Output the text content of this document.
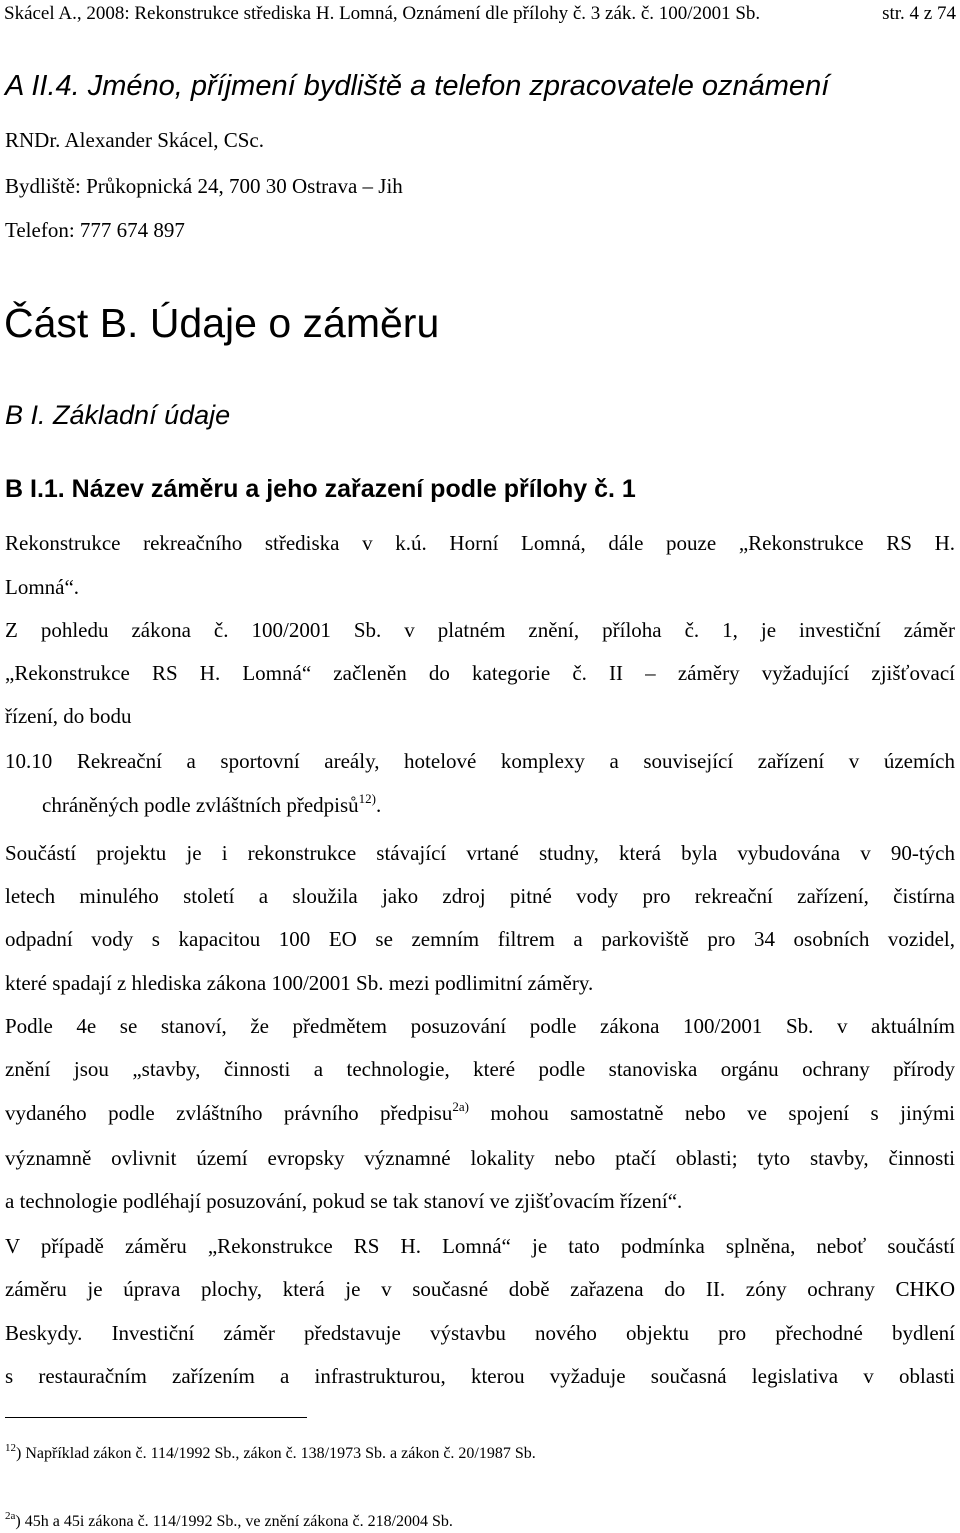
Skácel A., 2008: Rekonstrukce střediska H. Lomná, Oznámení dle přílohy č. 3 zák. č. 100/2001 Sb.	str. 4 z 74
A II.4. Jméno, příjmení bydliště a telefon zpracovatele oznámení
RNDr. Alexander Skácel, CSc.
Bydliště: Průkopnická 24, 700 30 Ostrava – Jih
Telefon: 777 674 897
Část B. Údaje o záměru
B I. Základní údaje
B I.1. Název záměru a jeho zařazení podle přílohy č. 1
Rekonstrukce rekreačního střediska v k.ú. Horní Lomná, dále pouze „Rekonstrukce RS H.
Lomná“.
Z pohledu zákona č. 100/2001 Sb. v platném znění, příloha č. 1, je investiční záměr
„Rekonstrukce RS H. Lomná“ začleněn do kategorie č. II – záměry vyžadující zjišťovací
řízení, do bodu
10.10 Rekreační a sportovní areály, hotelové komplexy a související zařízení v územích
chráněných podle zvláštních předpisů$^{12)}$.
Součástí projektu je i rekonstrukce stávající vrtané studny, která byla vybudována v 90-tých
letech minulého století a sloužila jako zdroj pitné vody pro rekreační zařízení, čistírna
odpadní vody s kapacitou 100 EO se zemním filtrem a parkoviště pro 34 osobních vozidel,
které spadají z hlediska zákona 100/2001 Sb. mezi podlimitní záměry.
Podle 4e se stanoví, že předmětem posuzování podle zákona 100/2001 Sb. v aktuálním
znění jsou „stavby, činnosti a technologie, které podle stanoviska orgánu ochrany přírody
vydaného podle zvláštního právního předpisu$^{2a)}$ mohou samostatně nebo ve spojení s jinými
významně ovlivnit území evropsky významné lokality nebo ptačí oblasti; tyto stavby, činnosti
a technologie podléhají posuzování, pokud se tak stanoví ve zjišťovacím řízení“.
V případě záměru „Rekonstrukce RS H. Lomná“ je tato podmínka splněna, neboť součástí
záměru je úprava plochy, která je v současné době zařazena do II. zóny ochrany CHKO
Beskydy. Investiční záměr představuje výstavbu nového objektu pro přechodné bydlení
s restauračním zařízením a infrastrukturou, kterou vyžaduje současná legislativa v oblasti
$^{12}$) Například zákon č. 114/1992 Sb., zákon č. 138/1973 Sb. a zákon č. 20/1987 Sb.
$^{2a}$) 45h a 45i zákona č. 114/1992 Sb., ve znění zákona č. 218/2004 Sb.
